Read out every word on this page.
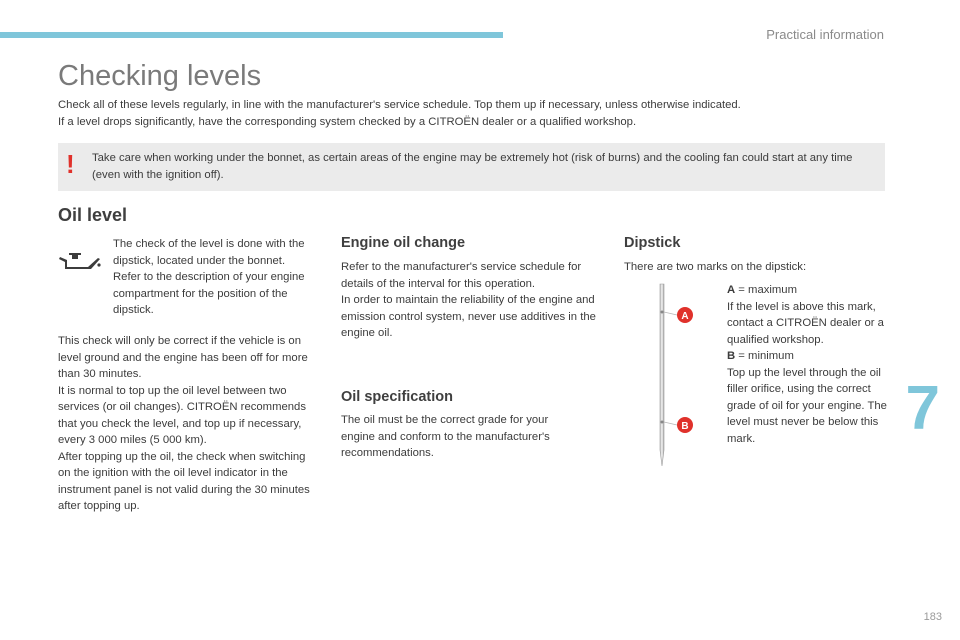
Practical information
Checking levels

Check all of these levels regularly, in line with the manufacturer's service schedule. Top them up if necessary, unless otherwise indicated.

If a level drops significantly, have the corresponding system checked by a CITROËN dealer or a qualified workshop.

! Take care when working under the bonnet, as certain areas of the engine may be extremely hot (risk of burns) and the cooling fan could start at any time (even with the ignition off).
Oil level

The check of the level is done with the dipstick, located under the bonnet. Refer to the description of your engine compartment for the position of the dipstick.

This check will only be correct if the vehicle is on level ground and the engine has been off for more than 30 minutes.

It is normal to top up the oil level between two services (or oil changes). CITROËN recommends that you check the level, and top up if necessary, every 3 000 miles (5 000 km).

After topping up the oil, the check when switching on the ignition with the oil level indicator in the instrument panel is not valid during the 30 minutes after topping up.

Engine oil change

Refer to the manufacturer's service schedule for details of the interval for this operation.

In order to maintain the reliability of the engine and emission control system, never use additives in the engine oil.

Oil specification

The oil must be the correct grade for your engine and conform to the manufacturer's recommendations.

Dipstick

There are two marks on the dipstick:

A
B

A = maximum

If the level is above this mark, contact a CITROËN dealer or a qualified workshop.

B = minimum

Top up the level through the oil filler orifice, using the correct grade of oil for your engine. The level must never be below this mark.	7
183
